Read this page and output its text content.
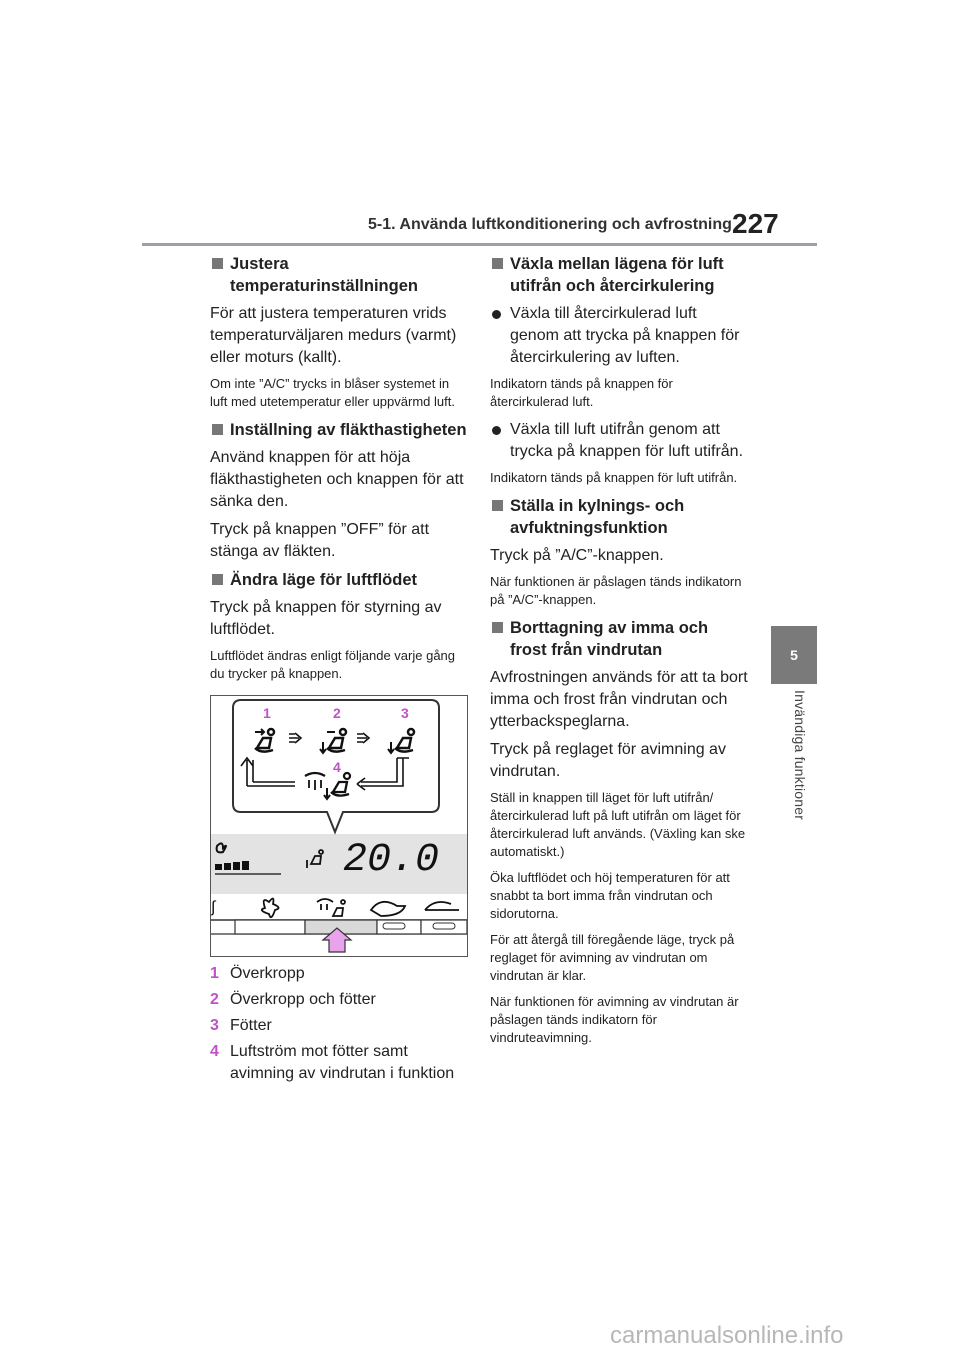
5-1. Använda luftkonditionering och avfrostning 227
5
Invändiga funktioner
Justera temperaturinställningen
För att justera temperaturen vrids temperaturväljaren medurs (varmt) eller moturs (kallt).
Om inte ”A/C” trycks in blåser systemet in luft med utetemperatur eller uppvärmd luft.
Inställning av fläkthastigheten
Använd knappen för att höja fläkthastigheten och knappen för att sänka den.
Tryck på knappen ”OFF” för att stänga av fläkten.
Ändra läge för luftflödet
Tryck på knappen för styrning av luftflödet.
Luftflödet ändras enligt följande varje gång du trycker på knappen.
1	2	3
4
20.0
∫
1 Överkropp
2 Överkropp och fötter
3 Fötter
4 Luftström mot fötter samt avimning av vindrutan i funktion
Växla mellan lägena för luft utifrån och återcirkulering
Växla till återcirkulerad luft genom att trycka på knappen för återcirkulering av luften.
Indikatorn tänds på knappen för återcirkulerad luft.
Växla till luft utifrån genom att trycka på knappen för luft utifrån.
Indikatorn tänds på knappen för luft utifrån.
Ställa in kylnings- och avfuktningsfunktion
Tryck på ”A/C”-knappen.
När funktionen är påslagen tänds indikatorn på ”A/C”-knappen.
Borttagning av imma och frost från vindrutan
Avfrostningen används för att ta bort imma och frost från vindrutan och ytterbackspeglarna.
Tryck på reglaget för avimning av vindrutan.
Ställ in knappen till läget för luft utifrån/återcirkulerad luft på luft utifrån om läget för återcirkulerad luft används. (Växling kan ske automatiskt.)
Öka luftflödet och höj temperaturen för att snabbt ta bort imma från vindrutan och sidorutorna.
För att återgå till föregående läge, tryck på reglaget för avimning av vindrutan om vindrutan är klar.
När funktionen för avimning av vindrutan är påslagen tänds indikatorn för vindruteavimning.
carmanualsonline.info
